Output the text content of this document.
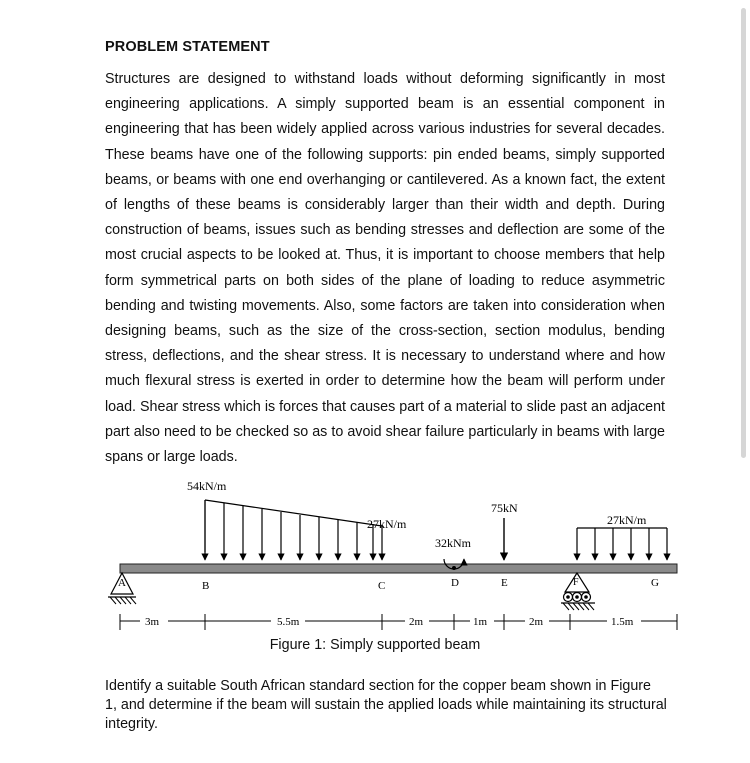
PROBLEM STATEMENT
Structures are designed to withstand loads without deforming significantly in most
engineering applications. A simply supported beam is an essential component in
engineering that has been widely applied across various industries for several decades.
These beams have one of the following supports: pin ended beams, simply supported
beams, or beams with one end overhanging or cantilevered. As a known fact, the extent
of lengths of these beams is considerably larger than their width and depth. During
construction of beams, issues such as bending stresses and deflection are some of the
most crucial aspects to be looked at. Thus, it is important to choose members that help
form symmetrical parts on both sides of the plane of loading to reduce asymmetric
bending and twisting movements. Also, some factors are taken into consideration when
designing beams, such as the size of the cross-section, section modulus, bending
stress, deflections, and the shear stress. It is necessary to understand where and how
much flexural stress is exerted in order to determine how the beam will perform under
load. Shear stress which is forces that causes part of a material to slide past an adjacent
part also need to be checked so as to avoid shear failure particularly in beams with large
spans or large loads.
54kN/m
27kN/m
32kNm
75kN
27kN/m
A	F
B	C	D	E	G
3m	5.5m	2m	1m	2m	1.5m
Figure 1: Simply supported beam
Identify a suitable South African standard section for the copper beam shown in Figure
1, and determine if the beam will sustain the applied loads while maintaining its structural
integrity.
